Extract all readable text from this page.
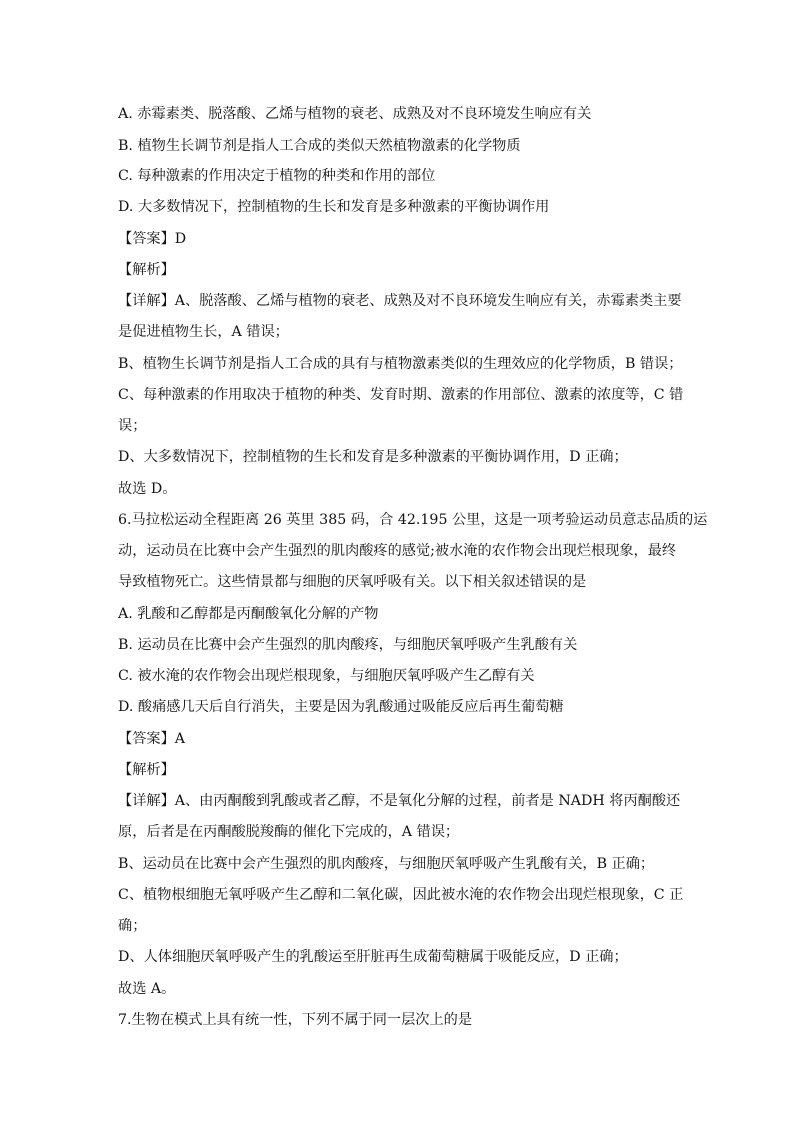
A. 赤霉素类、脱落酸、乙烯与植物的衰老、成熟及对不良环境发生响应有关
B. 植物生长调节剂是指人工合成的类似天然植物激素的化学物质
C. 每种激素的作用决定于植物的种类和作用的部位
D. 大多数情况下，控制植物的生长和发育是多种激素的平衡协调作用
【答案】D
【解析】
【详解】A、脱落酸、乙烯与植物的衰老、成熟及对不良环境发生响应有关，赤霉素类主要
是促进植物生长，A 错误；
B、植物生长调节剂是指人工合成的具有与植物激素类似的生理效应的化学物质，B 错误；
C、每种激素的作用取决于植物的种类、发育时期、激素的作用部位、激素的浓度等，C 错
误；
D、大多数情况下，控制植物的生长和发育是多种激素的平衡协调作用，D 正确；
故选 D。
6.马拉松运动全程距离 26 英里 385 码，合 42.195 公里，这是一项考验运动员意志品质的运
动，运动员在比赛中会产生强烈的肌肉酸疼的感觉;被水淹的农作物会出现烂根现象，最终
导致植物死亡。这些情景都与细胞的厌氧呼吸有关。以下相关叙述错误的是
A. 乳酸和乙醇都是丙酮酸氧化分解的产物
B. 运动员在比赛中会产生强烈的肌肉酸疼，与细胞厌氧呼吸产生乳酸有关
C. 被水淹的农作物会出现烂根现象，与细胞厌氧呼吸产生乙醇有关
D. 酸痛感几天后自行消失，主要是因为乳酸通过吸能反应后再生葡萄糖
【答案】A
【解析】
【详解】A、由丙酮酸到乳酸或者乙醇，不是氧化分解的过程，前者是 NADH 将丙酮酸还
原，后者是在丙酮酸脱羧酶的催化下完成的，A 错误；
B、运动员在比赛中会产生强烈的肌肉酸疼，与细胞厌氧呼吸产生乳酸有关，B 正确；
C、植物根细胞无氧呼吸产生乙醇和二氧化碳，因此被水淹的农作物会出现烂根现象，C 正
确；
D、人体细胞厌氧呼吸产生的乳酸运至肝脏再生成葡萄糖属于吸能反应，D 正确；
故选 A。
7.生物在模式上具有统一性，下列不属于同一层次上的是
